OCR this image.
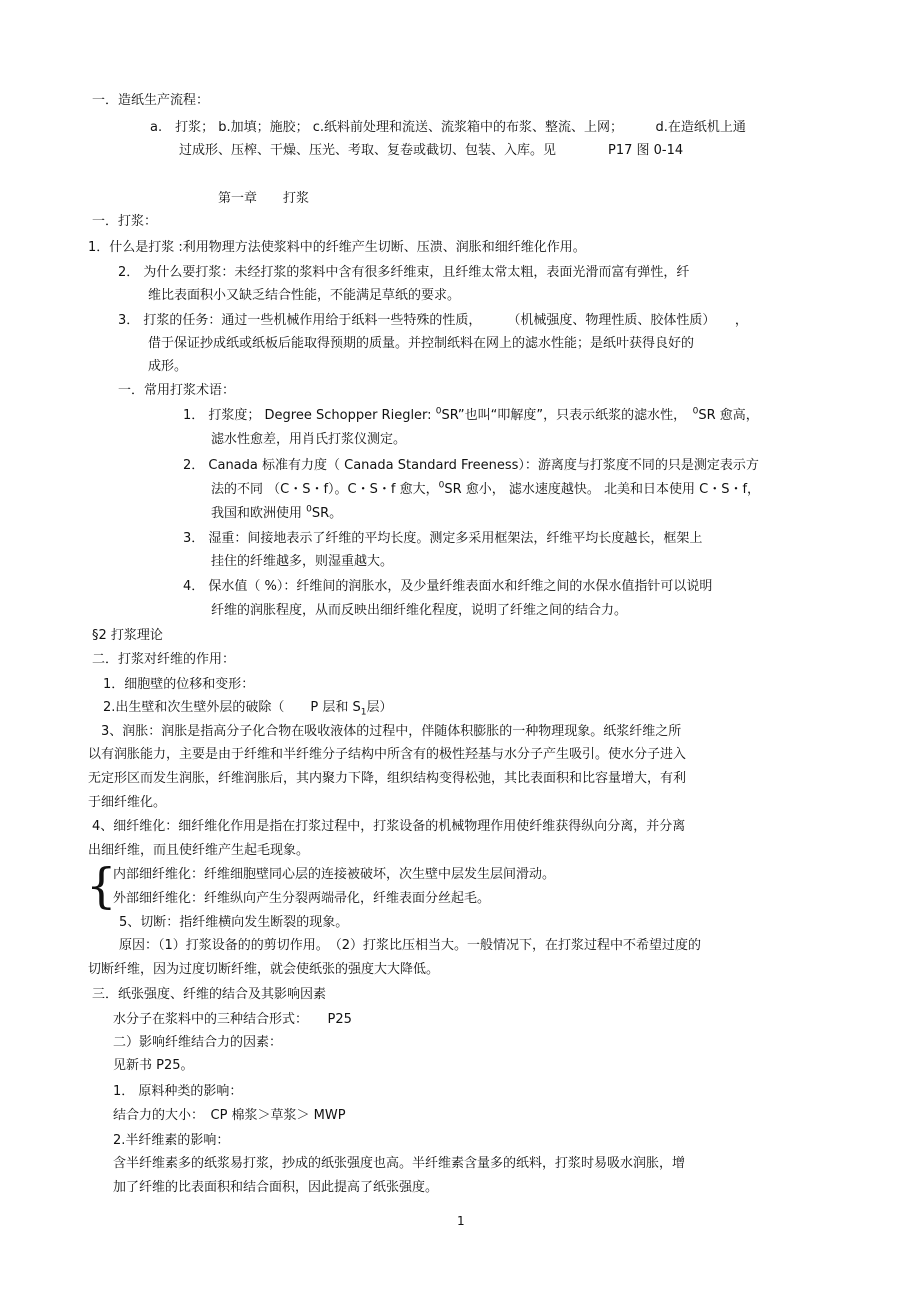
一．造纸生产流程：
a.　打浆； b.加填；施胶； c.纸料前处理和流送、流浆箱中的布浆、整流、上网；　　　d.在造纸机上通
过成形、压榨、干燥、压光、考取、复卷或截切、包装、入库。见　　　　P17 图 0-14
第一章　　打浆
一．打浆：
1．什么是打浆 :利用物理方法使浆料中的纤维产生切断、压溃、润胀和细纤维化作用。
2． 为什么要打浆：未经打浆的浆料中含有很多纤维束，且纤维太常太粗，表面光滑而富有弹性，纤
维比表面积小又缺乏结合性能，不能满足草纸的要求。
3． 打浆的任务：通过一些机械作用给于纸料一些特殊的性质，　　　（机械强度、物理性质、胶体性质）　　，
借于保证抄成纸或纸板后能取得预期的质量。并控制纸料在网上的滤水性能；是纸叶获得良好的
成形。
一．常用打浆术语：
1． 打浆度； Degree Schopper Riegler: $^0$SR”也叫“叩解度”，只表示纸浆的滤水性，　$^0$SR 愈高，
滤水性愈差，用肖氏打浆仪测定。
2． Canada 标准有力度（ Canada Standard Freeness）：游离度与打浆度不同的只是测定表示方
法的不同 （C・S・f）。C・S・f 愈大，$^0$SR 愈小， 滤水速度越快。 北美和日本使用 C・S・f，
我国和欧洲使用 $^0$SR。
3． 湿重：间接地表示了纤维的平均长度。测定多采用框架法，纤维平均长度越长，框架上
挂住的纤维越多，则湿重越大。
4． 保水值（ %）：纤维间的润胀水，及少量纤维表面水和纤维之间的水保水值指针可以说明
纤维的润胀程度，从而反映出细纤维化程度，说明了纤维之间的结合力。
§2 打浆理论
二．打浆对纤维的作用：
1．细胞壁的位移和变形：
2.出生壁和次生壁外层的破除（　　P 层和 $S_1$层）
3、润胀：润胀是指高分子化合物在吸收液体的过程中，伴随体积膨胀的一种物理现象。纸浆纤维之所
以有润胀能力，主要是由于纤维和半纤维分子结构中所含有的极性羟基与水分子产生吸引。使水分子进入
无定形区而发生润胀，纤维润胀后，其内聚力下降，组织结构变得松弛，其比表面积和比容量增大，有利
于细纤维化。
4、细纤维化：细纤维化作用是指在打浆过程中，打浆设备的机械物理作用使纤维获得纵向分离，并分离
出细纤维，而且使纤维产生起毛现象。
{
内部细纤维化：纤维细胞壁同心层的连接被破坏，次生壁中层发生层间滑动。
外部细纤维化：纤维纵向产生分裂两端帚化，纤维表面分丝起毛。
5、切断：指纤维横向发生断裂的现象。
原因：（1）打浆设备的的剪切作用。　（2）打浆比压相当大。一般情况下，在打浆过程中不希望过度的
切断纤维，因为过度切断纤维，就会使纸张的强度大大降低。
三．纸张强度、纤维的结合及其影响因素
水分子在浆料中的三种结合形式：　　P25
二）影响纤维结合力的因素：
见新书 P25。
1． 原料种类的影响：
结合力的大小：　CP 棉浆＞草浆＞ MWP
2.半纤维素的影响：
含半纤维素多的纸浆易打浆，抄成的纸张强度也高。半纤维素含量多的纸料，打浆时易吸水润胀，增
加了纤维的比表面积和结合面积，因此提高了纸张强度。
1
